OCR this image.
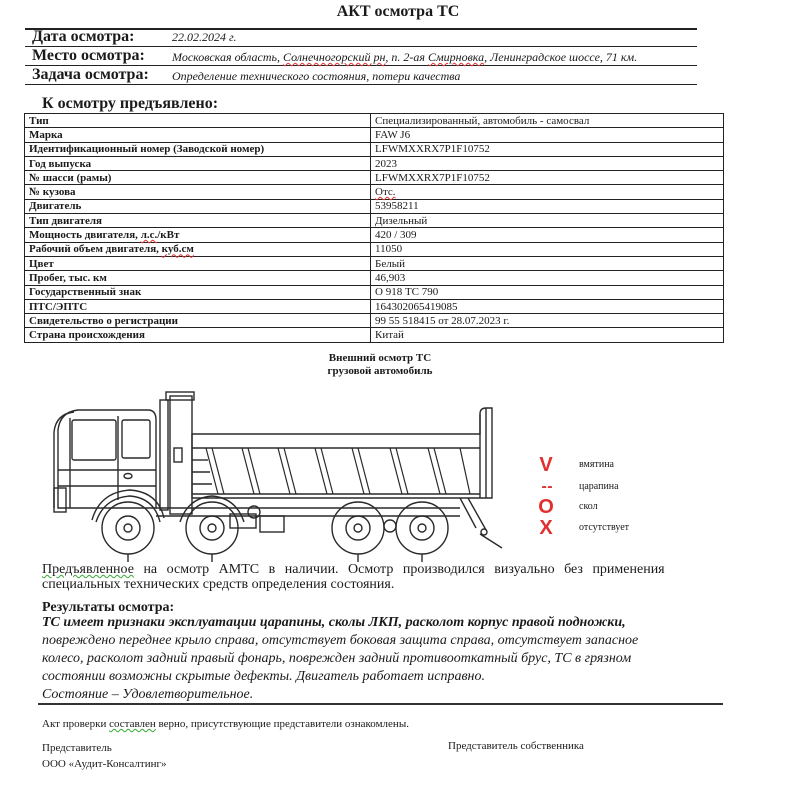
АКТ осмотра ТС
Дата осмотра:	22.02.2024 г.
Место осмотра: Московская область, Солнечногорский рн, п. 2-ая Смирновка, Ленинградское шоссе, 71 км.
Задача осмотра: Определение технического состояния, потери качества
К осмотру предъявлено:
Тип	Специализированный, автомобиль - самосвал
Марка	FAW J6
Идентификационный номер (Заводской номер)	LFWMXXRX7P1F10752
Год выпуска	2023
№ шасси (рамы)	LFWMXXRX7P1F10752
№ кузова	Отс.
Двигатель	53958211
Тип двигателя	Дизельный
Мощность двигателя, л.с./кВт	420 / 309
Рабочий объем двигателя, куб.см	11050
Цвет	Белый
Пробег, тыс. км	46,903
Государственный знак	О 918 ТС 790
ПТС/ЭПТС	164302065419085
Свидетельство о регистрации	99 55 518415 от 28.07.2023 г.
Страна происхождения	Китай
Внешний осмотр ТС
грузовой автомобиль
V	вмятина
- -	царапина
O	скол
X	отсутствует
Предъявленное на осмотр АМТС в наличии. Осмотр производился визуально без применения
специальных технических средств определения состояния.
Результаты осмотра:
ТС имеет признаки эксплуатации царапины, сколы ЛКП, расколот корпус правой подножки,
повреждено переднее крыло справа, отсутствует боковая защита справа, отсутствует запасное
колесо, расколот задний правый фонарь, поврежден задний противооткатный брус, ТС в грязном
состоянии возможны скрытые дефекты. Двигатель работает исправно.
Состояние – Удовлетворительное.
Акт проверки составлен верно, присутствующие представители ознакомлены.
Представитель
ООО «Аудит-Консалтинг»
Представитель собственника
